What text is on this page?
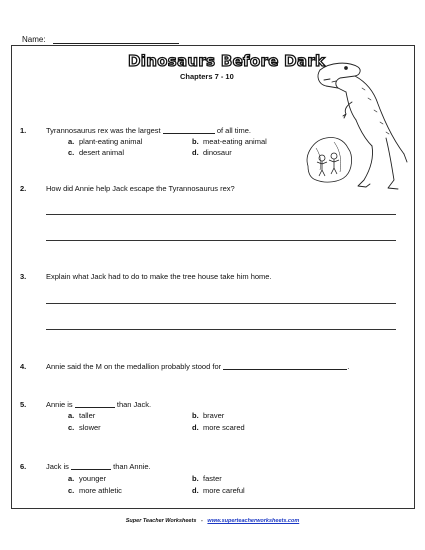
Name:
Dinosaurs Before Dark
Chapters 7 - 10
1.	Tyrannosaurus rex was the largest	of all time.
a. plant-eating animal	b. meat-eating animal
c. desert animal	d. dinosaur
2.	How did Annie help Jack escape the Tyrannosaurus rex?
3.	Explain what Jack had to do to make the tree house take him home.
4.	Annie said the M on the medallion probably stood for	.
5.	Annie is	than Jack.
a. taller	b. braver
c. slower	d. more scared
6.	Jack is	than Annie.
a. younger	b. faster
c. more athletic	d. more careful
Super Teacher Worksheets - www.superteacherworksheets.com
